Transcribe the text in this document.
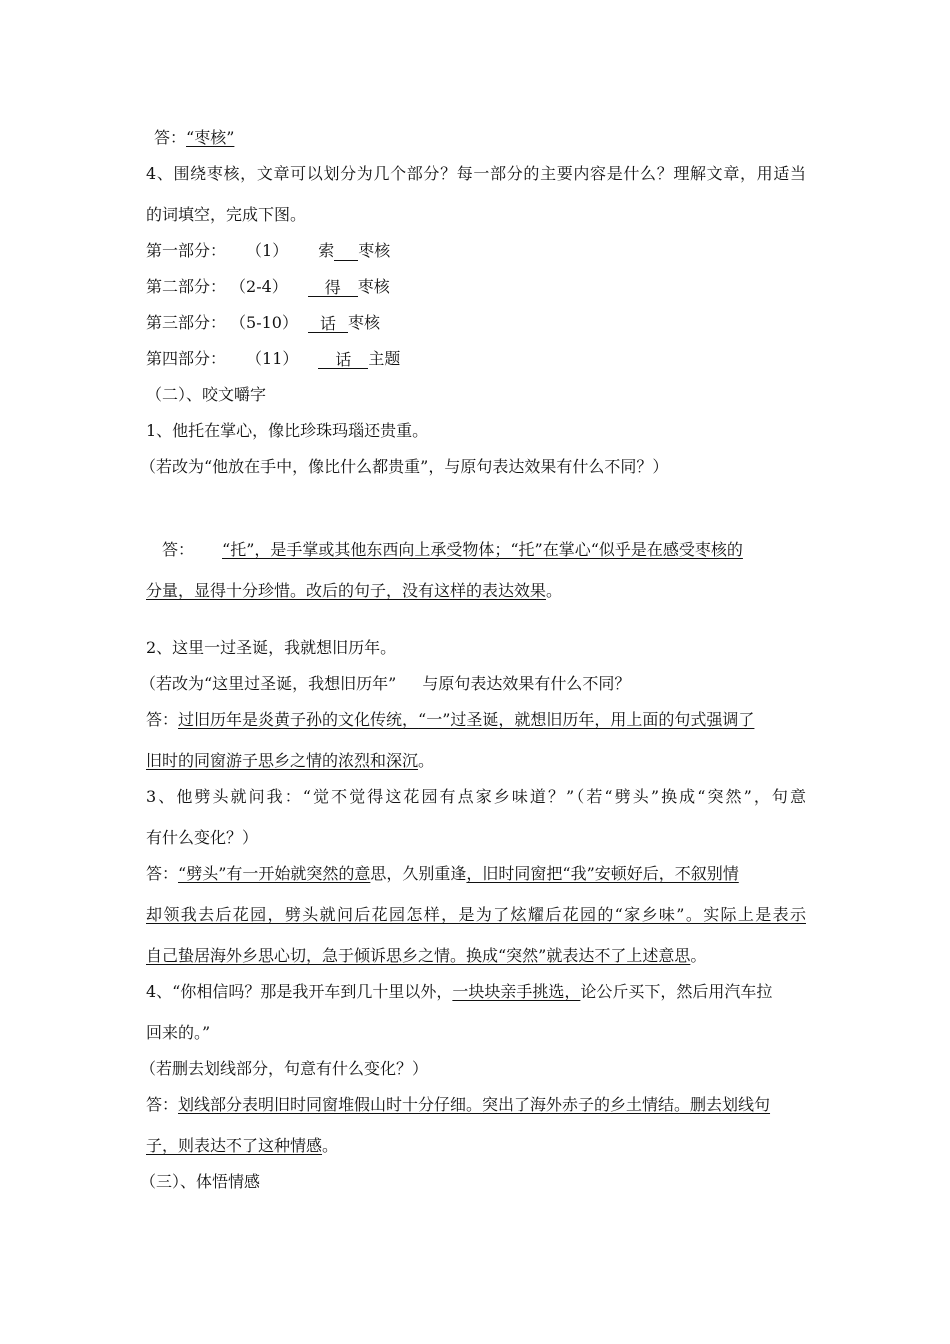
答：“枣核”
4、围绕枣核，文章可以划分为几个部分？每一部分的主要内容是什么？理解文章，用适当
的词填空，完成下图。
第一部分： （1） 索 枣核
第二部分： （2-4） 得 枣核
第三部分： （5-10） 话 枣核
第四部分： （11） 话 主题
（二）、咬文嚼字
1、他托在掌心，像比珍珠玛瑙还贵重。
（若改为“他放在手中，像比什么都贵重”，与原句表达效果有什么不同？）
答： “托”，是手掌或其他东西向上承受物体；“托”在掌心“似乎是在感受枣核的
分量，显得十分珍惜。改后的句子，没有这样的表达效果。
2、这里一过圣诞，我就想旧历年。
（若改为“这里过圣诞，我想旧历年” 与原句表达效果有什么不同？
答：过旧历年是炎黄子孙的文化传统，“一”过圣诞，就想旧历年，用上面的句式强调了
旧时的同窗游子思乡之情的浓烈和深沉。
3、他劈头就问我：“觉不觉得这花园有点家乡味道？”（若“劈头”换成“突然”，句意
有什么变化？）
答：“劈头”有一开始就突然的意思，久别重逢，旧时同窗把“我”安顿好后，不叙别情
却领我去后花园，劈头就问后花园怎样，是为了炫耀后花园的“家乡味”。实际上是表示
自己蛰居海外乡思心切，急于倾诉思乡之情。换成“突然”就表达不了上述意思。
4、“你相信吗？那是我开车到几十里以外，一块块亲手挑选，论公斤买下，然后用汽车拉
回来的。”
（若删去划线部分，句意有什么变化？）
答：划线部分表明旧时同窗堆假山时十分仔细。突出了海外赤子的乡土情结。删去划线句
子，则表达不了这种情感。
（三）、体悟情感
